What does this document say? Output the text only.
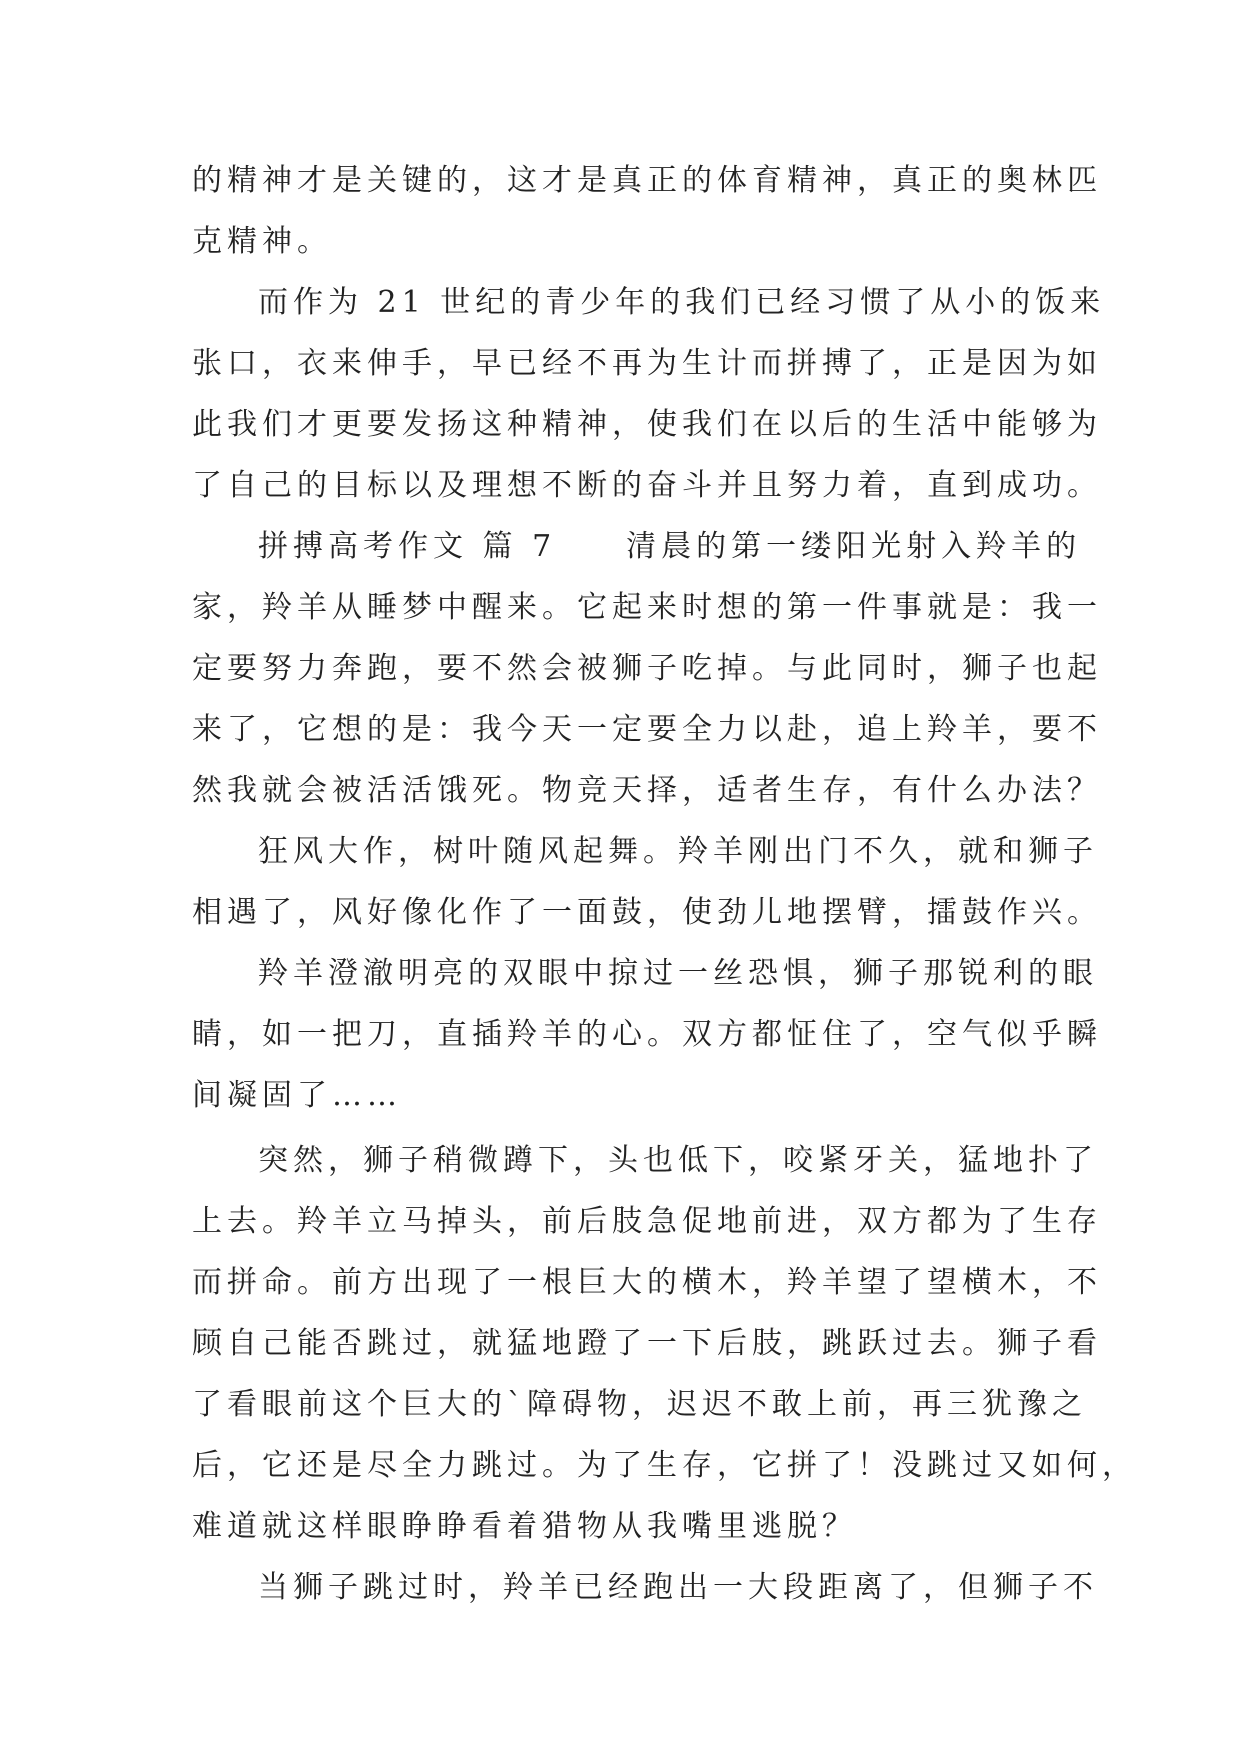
的精神才是关键的，这才是真正的体育精神，真正的奥林匹
克精神。
而作为 21 世纪的青少年的我们已经习惯了从小的饭来
张口，衣来伸手，早已经不再为生计而拼搏了，正是因为如
此我们才更要发扬这种精神，使我们在以后的生活中能够为
了自己的目标以及理想不断的奋斗并且努力着，直到成功。
拼搏高考作文 篇 7 清晨的第一缕阳光射入羚羊的
家，羚羊从睡梦中醒来。它起来时想的第一件事就是：我一
定要努力奔跑，要不然会被狮子吃掉。与此同时，狮子也起
来了，它想的是：我今天一定要全力以赴，追上羚羊，要不
然我就会被活活饿死。物竞天择，适者生存，有什么办法？
狂风大作，树叶随风起舞。羚羊刚出门不久，就和狮子
相遇了，风好像化作了一面鼓，使劲儿地摆臂，擂鼓作兴。
羚羊澄澈明亮的双眼中掠过一丝恐惧，狮子那锐利的眼
睛，如一把刀，直插羚羊的心。双方都怔住了，空气似乎瞬
间凝固了……
突然，狮子稍微蹲下，头也低下，咬紧牙关，猛地扑了
上去。羚羊立马掉头，前后肢急促地前进，双方都为了生存
而拼命。前方出现了一根巨大的横木，羚羊望了望横木，不
顾自己能否跳过，就猛地蹬了一下后肢，跳跃过去。狮子看
了看眼前这个巨大的`障碍物，迟迟不敢上前，再三犹豫之
后，它还是尽全力跳过。为了生存，它拼了！没跳过又如何，
难道就这样眼睁睁看着猎物从我嘴里逃脱？
当狮子跳过时，羚羊已经跑出一大段距离了，但狮子不
